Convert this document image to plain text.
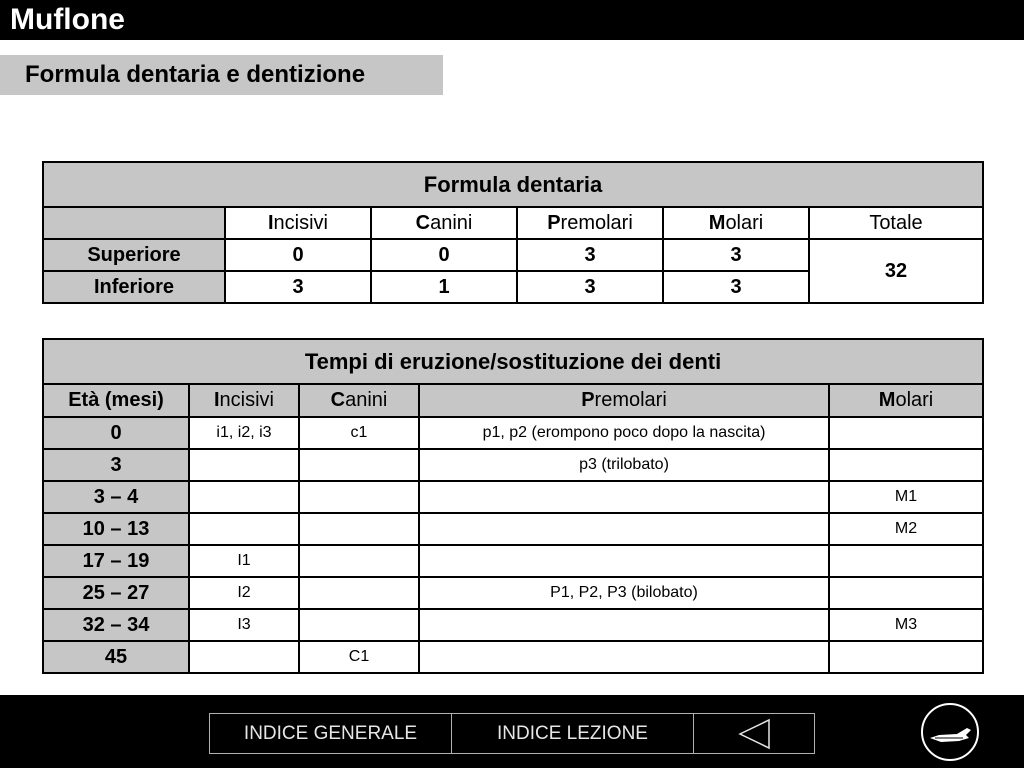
Muflone
Formula dentaria e dentizione
Formula dentaria					
	Incisivi	Canini	Premolari	Molari	Totale
Superiore	0	0	3	3	32
Inferiore	3	1	3	3	
Tempi di eruzione/sostituzione dei denti				
Età (mesi)	Incisivi	Canini	Premolari	Molari
0	i1, i2, i3	c1	p1, p2 (erompono poco dopo la nascita)	
3			p3 (trilobato)	
3 – 4				M1
10 – 13				M2
17 – 19	I1			
25 – 27	I2		P1, P2, P3 (bilobato)	
32 – 34	I3			M3
45		C1		
INDICE GENERALE	INDICE LEZIONE
